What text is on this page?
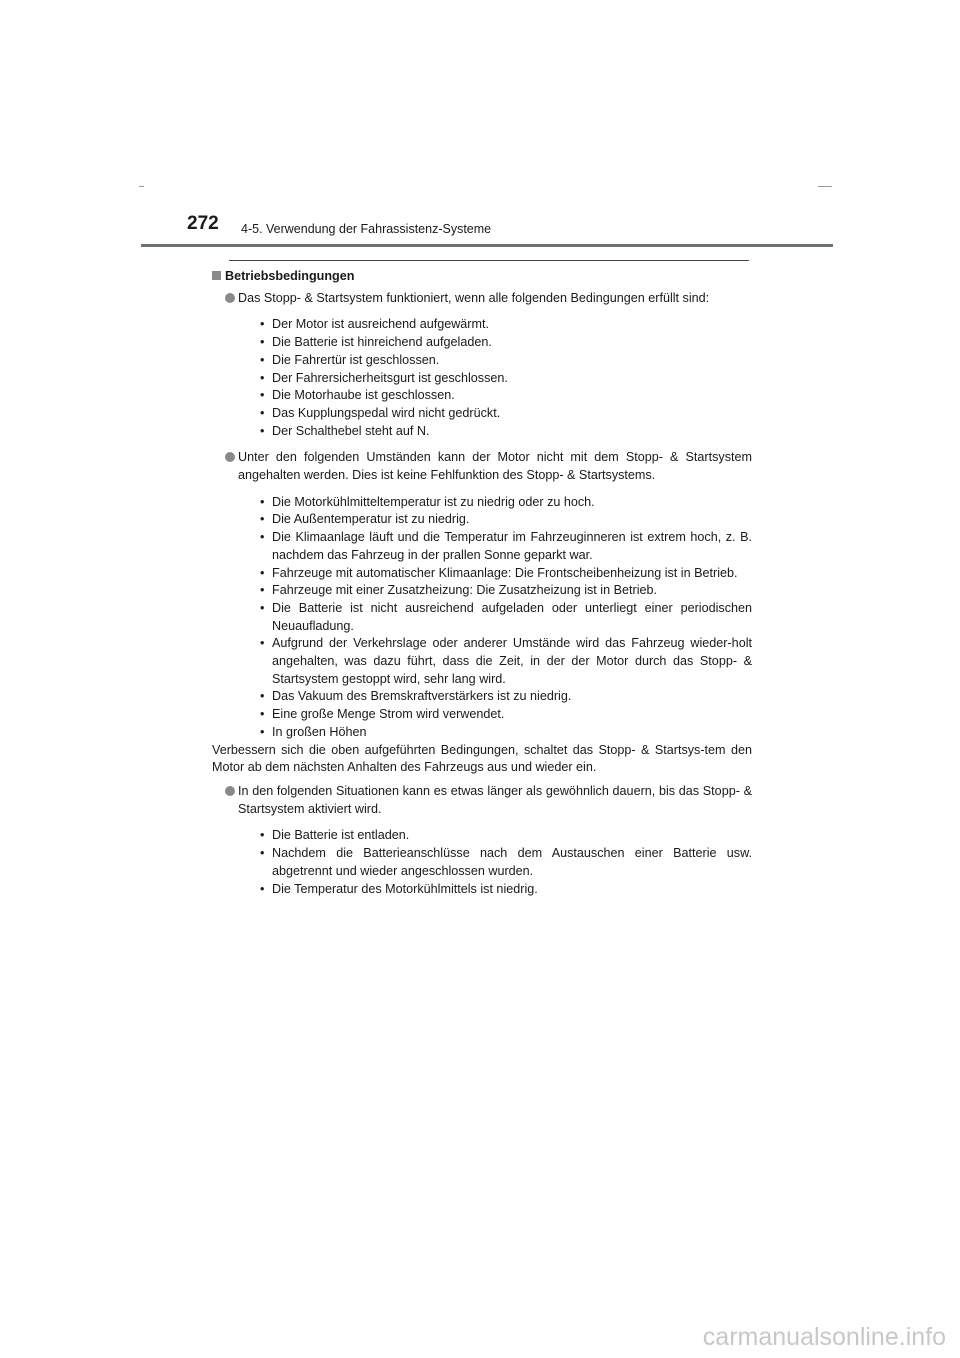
272 4-5. Verwendung der Fahrassistenz-Systeme
Betriebsbedingungen
Das Stopp- & Startsystem funktioniert, wenn alle folgenden Bedingungen erfüllt sind:
• Der Motor ist ausreichend aufgewärmt.
• Die Batterie ist hinreichend aufgeladen.
• Die Fahrertür ist geschlossen.
• Der Fahrersicherheitsgurt ist geschlossen.
• Die Motorhaube ist geschlossen.
• Das Kupplungspedal wird nicht gedrückt.
• Der Schalthebel steht auf N.
Unter den folgenden Umständen kann der Motor nicht mit dem Stopp- & Startsystem angehalten werden. Dies ist keine Fehlfunktion des Stopp- & Startsystems.
• Die Motorkühlmitteltemperatur ist zu niedrig oder zu hoch.
• Die Außentemperatur ist zu niedrig.
• Die Klimaanlage läuft und die Temperatur im Fahrzeuginneren ist extrem hoch, z. B. nachdem das Fahrzeug in der prallen Sonne geparkt war.
• Fahrzeuge mit automatischer Klimaanlage: Die Frontscheibenheizung ist in Betrieb.
• Fahrzeuge mit einer Zusatzheizung: Die Zusatzheizung ist in Betrieb.
• Die Batterie ist nicht ausreichend aufgeladen oder unterliegt einer periodischen Neuaufladung.
• Aufgrund der Verkehrslage oder anderer Umstände wird das Fahrzeug wieder-holt angehalten, was dazu führt, dass die Zeit, in der der Motor durch das Stopp- & Startsystem gestoppt wird, sehr lang wird.
• Das Vakuum des Bremskraftverstärkers ist zu niedrig.
• Eine große Menge Strom wird verwendet.
• In großen Höhen
Verbessern sich die oben aufgeführten Bedingungen, schaltet das Stopp- & Startsys-tem den Motor ab dem nächsten Anhalten des Fahrzeugs aus und wieder ein.
In den folgenden Situationen kann es etwas länger als gewöhnlich dauern, bis das Stopp- & Startsystem aktiviert wird.
• Die Batterie ist entladen.
• Nachdem die Batterieanschlüsse nach dem Austauschen einer Batterie usw. abgetrennt und wieder angeschlossen wurden.
• Die Temperatur des Motorkühlmittels ist niedrig.
carmanualsonline.info
